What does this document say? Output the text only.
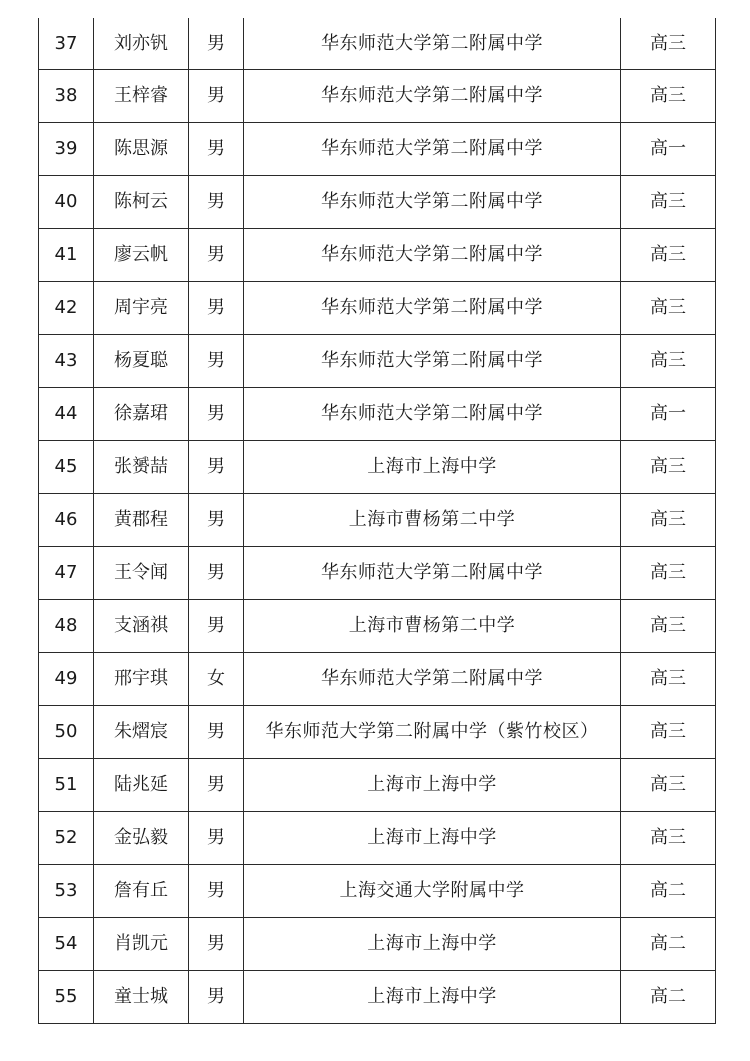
37	刘亦钒	男	华东师范大学第二附属中学	高三
38	王梓睿	男	华东师范大学第二附属中学	高三
39	陈思源	男	华东师范大学第二附属中学	高一
40	陈柯云	男	华东师范大学第二附属中学	高三
41	廖云帆	男	华东师范大学第二附属中学	高三
42	周宇亮	男	华东师范大学第二附属中学	高三
43	杨夏聪	男	华东师范大学第二附属中学	高三
44	徐嘉珺	男	华东师范大学第二附属中学	高一
45	张赟喆	男	上海市上海中学	高三
46	黄郡程	男	上海市曹杨第二中学	高三
47	王令闻	男	华东师范大学第二附属中学	高三
48	支涵祺	男	上海市曹杨第二中学	高三
49	邢宇琪	女	华东师范大学第二附属中学	高三
50	朱熠宸	男	华东师范大学第二附属中学（紫竹校区）	高三
51	陆兆延	男	上海市上海中学	高三
52	金弘毅	男	上海市上海中学	高三
53	詹有丘	男	上海交通大学附属中学	高二
54	肖凯元	男	上海市上海中学	高二
55	童士城	男	上海市上海中学	高二
